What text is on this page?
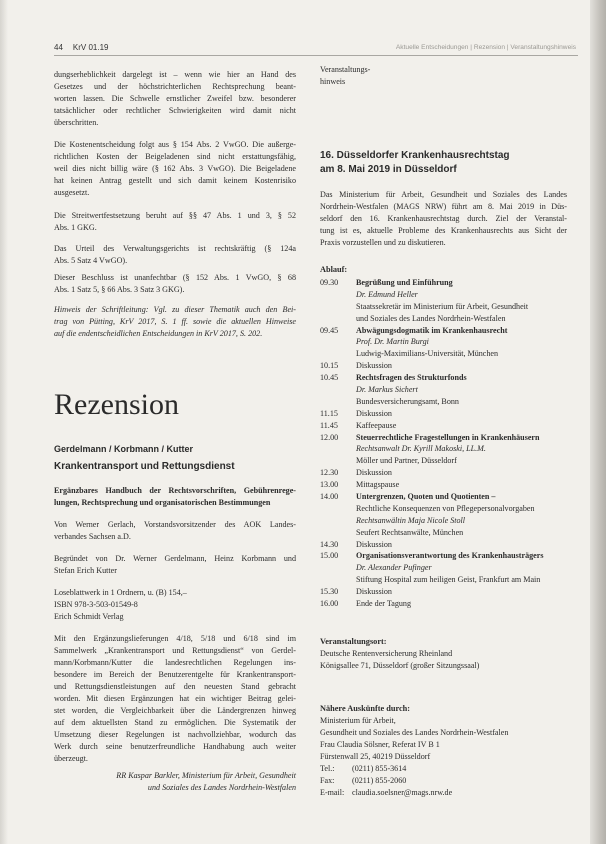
44 KrV 01.19	Aktuelle Entscheidungen | Rezension | Veranstaltungshinweis
dungserheblichkeit dargelegt ist – wenn wie hier an Hand des
Gesetzes und der höchstrichterlichen Rechtsprechung beant-
worten lassen. Die Schwelle ernstlicher Zweifel bzw. besonderer
tatsächlicher oder rechtlicher Schwierigkeiten wird damit nicht
überschritten.
Die Kostenentscheidung folgt aus § 154 Abs. 2 VwGO. Die außerge-
richtlichen Kosten der Beigeladenen sind nicht erstattungsfähig,
weil dies nicht billig wäre (§ 162 Abs. 3 VwGO). Die Beigeladene
hat keinen Antrag gestellt und sich damit keinem Kostenrisiko
ausgesetzt.
Die Streitwertfestsetzung beruht auf §§ 47 Abs. 1 und 3, § 52
Abs. 1 GKG.
Das Urteil des Verwaltungsgerichts ist rechtskräftig (§ 124a
Abs. 5 Satz 4 VwGO).
Dieser Beschluss ist unanfechtbar (§ 152 Abs. 1 VwGO, § 68
Abs. 1 Satz 5, § 66 Abs. 3 Satz 3 GKG).
Hinweis der Schriftleitung: Vgl. zu dieser Thematik auch den Bei-
trag von Pütting, KrV 2017, S. 1 ff. sowie die aktuellen Hinweise
auf die endentscheidlichen Entscheidungen in KrV 2017, S. 202.
Rezension
Gerdelmann / Korbmann / Kutter
Krankentransport und Rettungsdienst
Ergänzbares Handbuch der Rechtsvorschriften, Gebührenrege-
lungen, Rechtsprechung und organisatorischen Bestimmungen
Von Werner Gerlach, Vorstandsvorsitzender des AOK Landes-
verbandes Sachsen a.D.
Begründet von Dr. Werner Gerdelmann, Heinz Korbmann und
Stefan Erich Kutter
Loseblattwerk in 1 Ordnern, u. (B) 154,–
ISBN 978-3-503-01549-8
Erich Schmidt Verlag
Mit den Ergänzungslieferungen 4/18, 5/18 und 6/18 sind im
Sammelwerk „Krankentransport und Rettungsdienst“ von Gerdel-
mann/Korbmann/Kutter die landesrechtlichen Regelungen ins-
besondere im Bereich der Benutzerentgelte für Krankentransport-
und Rettungsdienstleistungen auf den neuesten Stand gebracht
worden. Mit diesen Ergänzungen hat ein wichtiger Beitrag gelei-
stet worden, die Vergleichbarkeit über die Ländergrenzen hinweg
auf dem aktuellsten Stand zu ermöglichen. Die Systematik der
Umsetzung dieser Regelungen ist nachvollziehbar, wodurch das
Werk durch seine benutzerfreundliche Handhabung auch weiter
überzeugt.
RR Kaspar Barkler, Ministerium für Arbeit, Gesundheit
und Soziales des Landes Nordrhein-Westfalen
Veranstaltungs-
hinweis
16. Düsseldorfer Krankenhausrechtstag
am 8. Mai 2019 in Düsseldorf
Das Ministerium für Arbeit, Gesundheit und Soziales des Landes
Nordrhein-Westfalen (MAGS NRW) führt am 8. Mai 2019 in Düs-
seldorf den 16. Krankenhausrechtstag durch. Ziel der Veranstal-
tung ist es, aktuelle Probleme des Krankenhausrechts aus Sicht der
Praxis vorzustellen und zu diskutieren.
Ablauf:
09.30 Begrüßung und Einführung
Dr. Edmund Heller
Staatssekretär im Ministerium für Arbeit, Gesundheit
und Soziales des Landes Nordrhein-Westfalen
09.45 Abwägungsdogmatik im Krankenhausrecht
Prof. Dr. Martin Burgi
Ludwig-Maximilians-Universität, München
10.15 Diskussion
10.45 Rechtsfragen des Strukturfonds
Dr. Markus Sichert
Bundesversicherungsamt, Bonn
11.15 Diskussion
11.45 Kaffeepause
12.00 Steuerrechtliche Fragestellungen in Krankenhäusern
Rechtsanwalt Dr. Kyrill Makoski, LL.M.
Möller und Partner, Düsseldorf
12.30 Diskussion
13.00 Mittagspause
14.00 Untergrenzen, Quoten und Quotienten –
Rechtliche Konsequenzen von Pflegepersonalvorgaben
Rechtsanwältin Maja Nicole Stoll
Seufert Rechtsanwälte, München
14.30 Diskussion
15.00 Organisationsverantwortung des Krankenhausträgers
Dr. Alexander Pufinger
Stiftung Hospital zum heiligen Geist, Frankfurt am Main
15.30 Diskussion
16.00 Ende der Tagung
Veranstaltungsort:
Deutsche Rentenversicherung Rheinland
Königsallee 71, Düsseldorf (großer Sitzungssaal)
Nähere Auskünfte durch:
Ministerium für Arbeit,
Gesundheit und Soziales des Landes Nordrhein-Westfalen
Frau Claudia Sölsner, Referat IV B 1
Fürstenwall 25, 40219 Düsseldorf
Tel.: (0211) 855-3614
Fax: (0211) 855-2060
E-mail: claudia.soelsner@mags.nrw.de
